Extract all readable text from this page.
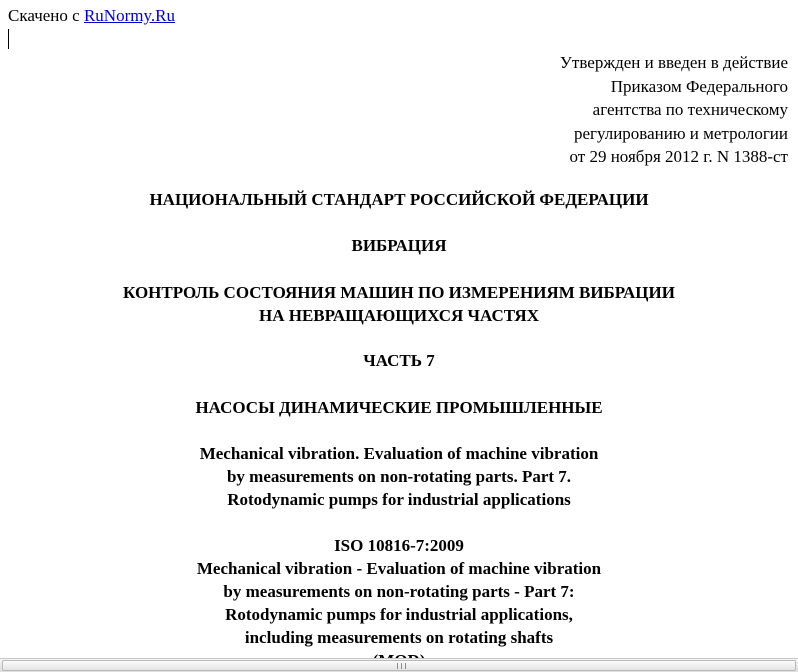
Скачено с RuNormy.Ru
Утвержден и введен в действие
Приказом Федерального
агентства по техническому
регулированию и метрологии
от 29 ноября 2012 г. N 1388-ст
НАЦИОНАЛЬНЫЙ СТАНДАРТ РОССИЙСКОЙ ФЕДЕРАЦИИ
ВИБРАЦИЯ
КОНТРОЛЬ СОСТОЯНИЯ МАШИН ПО ИЗМЕРЕНИЯМ ВИБРАЦИИ
НА НЕВРАЩАЮЩИХСЯ ЧАСТЯХ
ЧАСТЬ 7
НАСОСЫ ДИНАМИЧЕСКИЕ ПРОМЫШЛЕННЫЕ
Mechanical vibration. Evaluation of machine vibration
by measurements on non-rotating parts. Part 7.
Rotodynamic pumps for industrial applications
ISO 10816-7:2009
Mechanical vibration - Evaluation of machine vibration
by measurements on non-rotating parts - Part 7:
Rotodynamic pumps for industrial applications,
including measurements on rotating shafts
